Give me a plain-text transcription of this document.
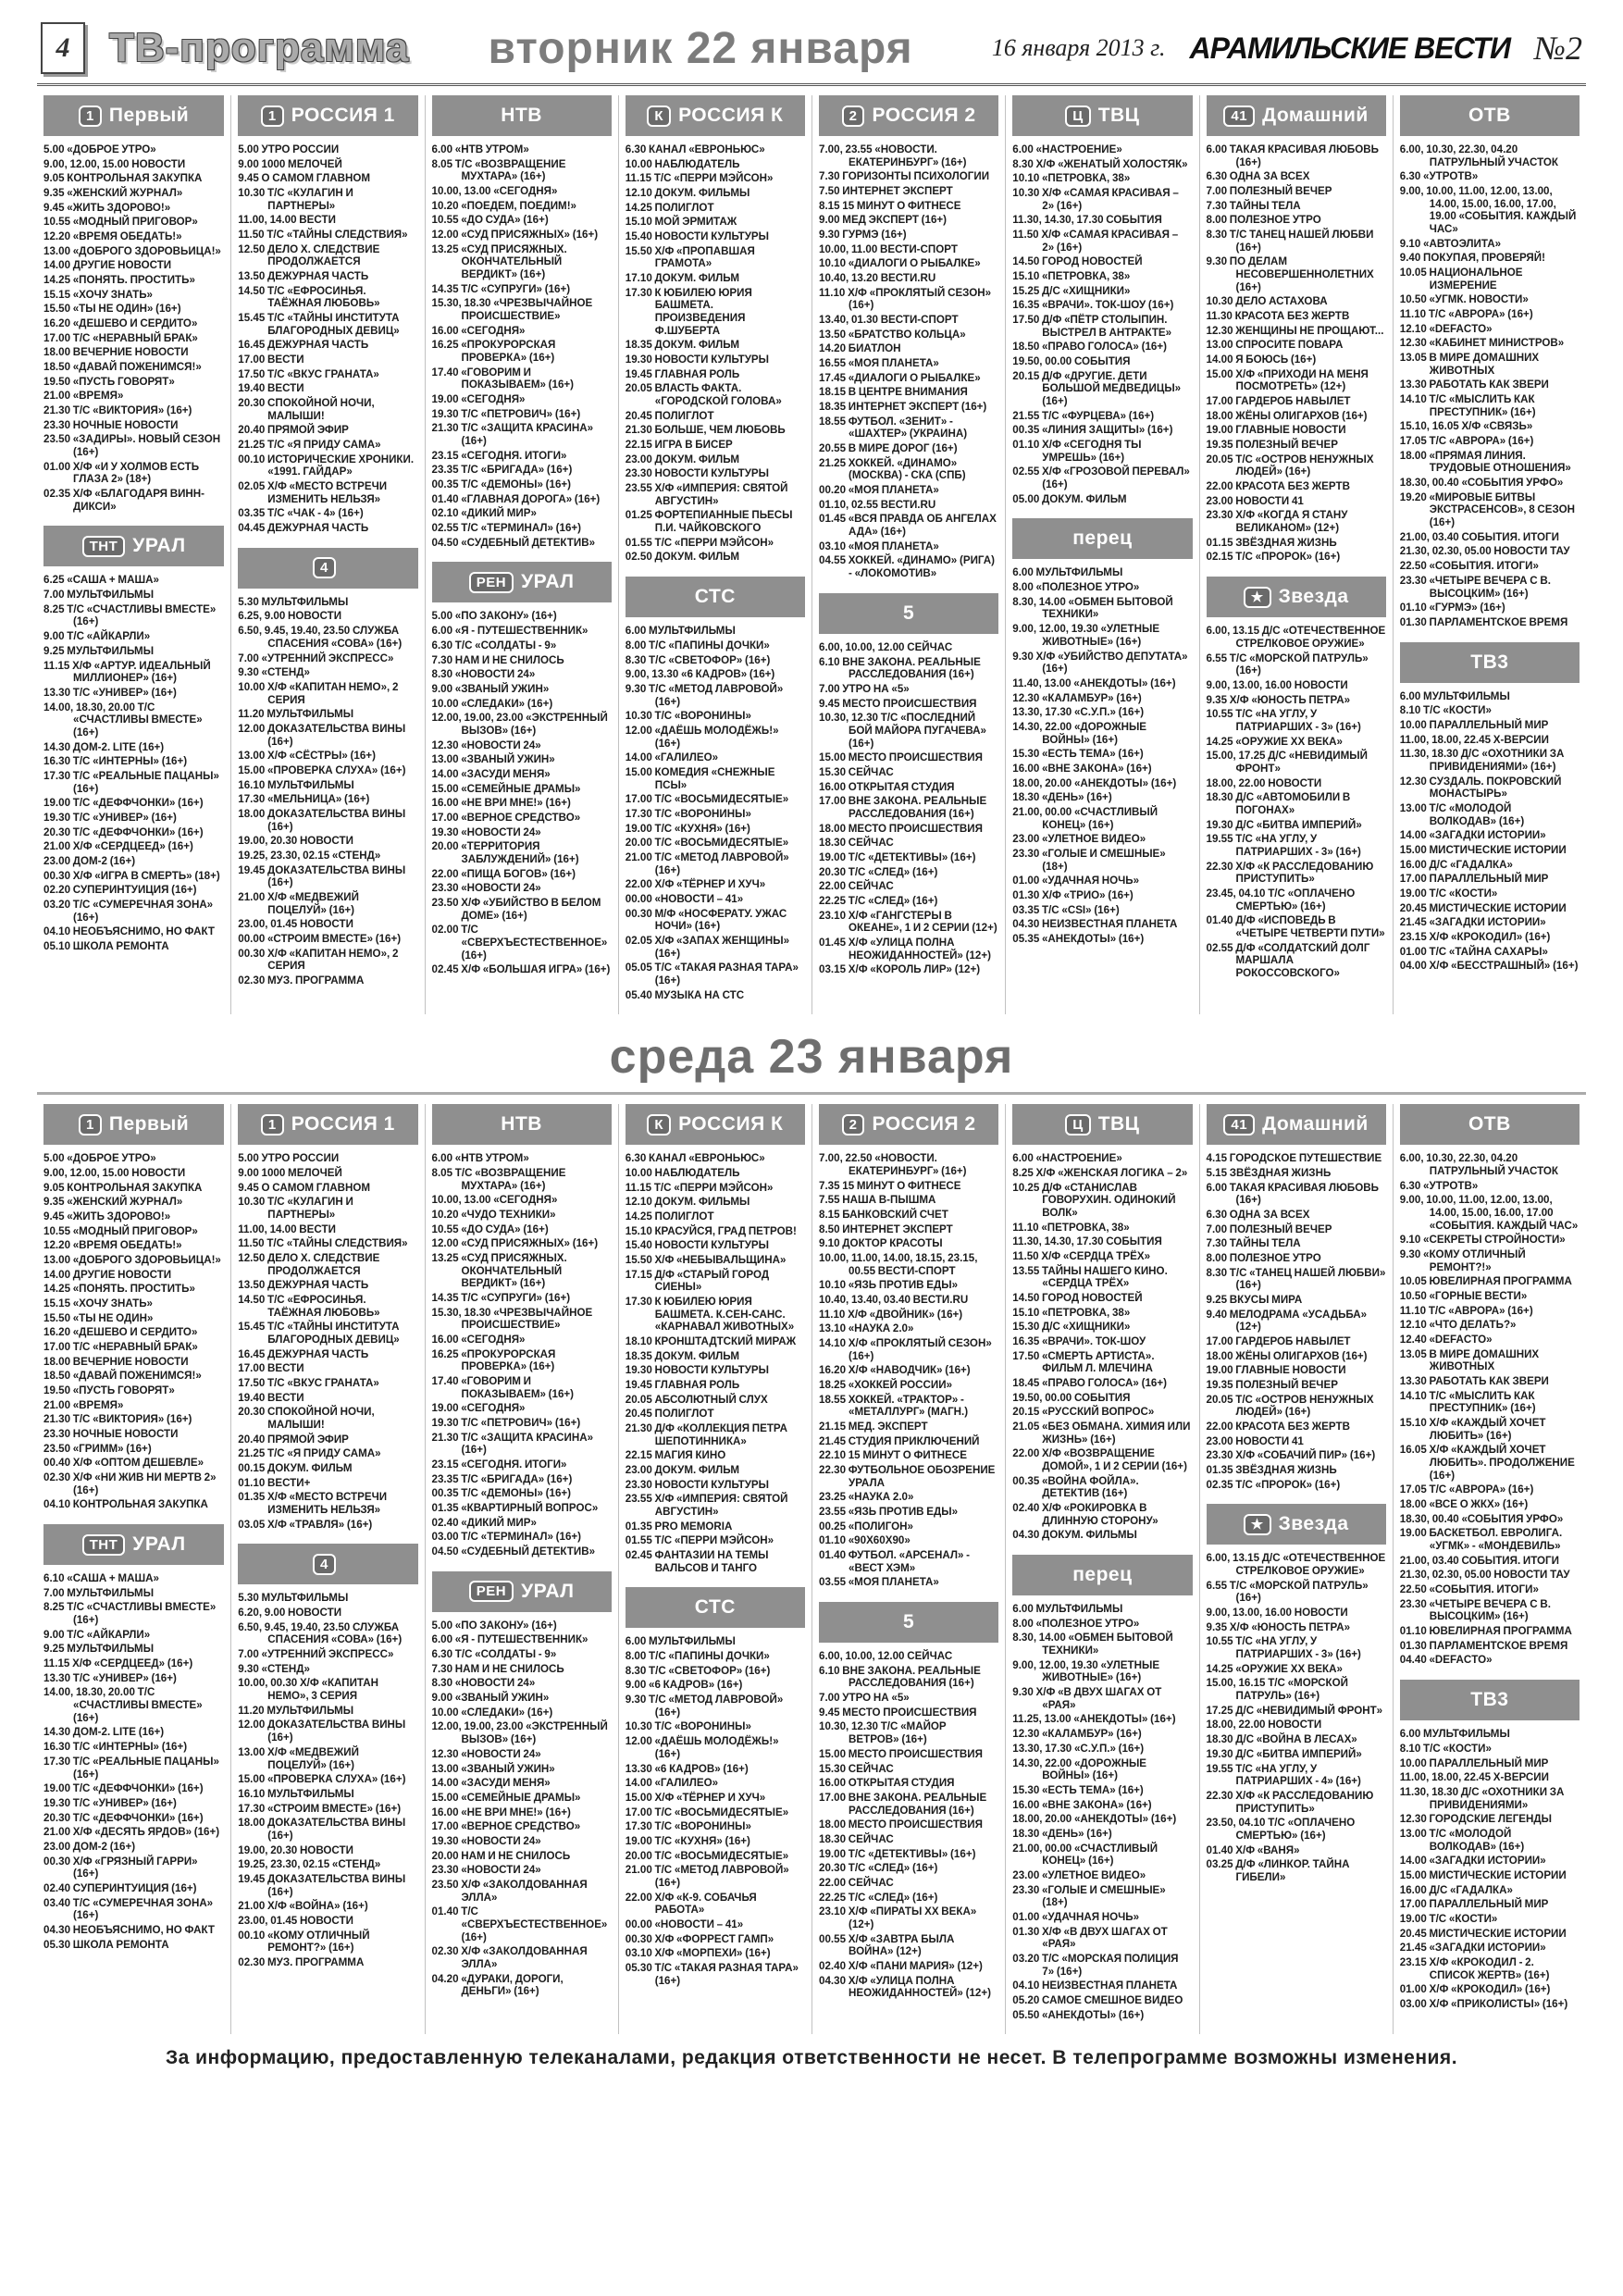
4 ТВ-программа	вторник 22 января	16 января 2013 г. АРАМИЛЬСКИЕ ВЕСТИ №2
1 Первый

5.00 «ДОБРОЕ УТРО»

9.00, 12.00, 15.00 НОВОСТИ

9.05 КОНТРОЛЬНАЯ ЗАКУПКА

9.35 «ЖЕНСКИЙ ЖУРНАЛ»

9.45 «ЖИТЬ ЗДОРОВО!»

10.55 «МОДНЫЙ ПРИГОВОР»

12.20 «ВРЕМЯ ОБЕДАТЬ!»

13.00 «ДОБРОГО ЗДОРОВЬИЦА!»

14.00 ДРУГИЕ НОВОСТИ

14.25 «ПОНЯТЬ. ПРОСТИТЬ»

15.15 «ХОЧУ ЗНАТЬ»

15.50 «ТЫ НЕ ОДИН» (16+)

16.20 «ДЕШЕВО И СЕРДИТО»

17.00 Т/С «НЕРАВНЫЙ БРАК»

18.00 ВЕЧЕРНИЕ НОВОСТИ

18.50 «ДАВАЙ ПОЖЕНИМСЯ!»

19.50 «ПУСТЬ ГОВОРЯТ»

21.00 «ВРЕМЯ»

21.30 Т/С «ВИКТОРИЯ» (16+)

23.30 НОЧНЫЕ НОВОСТИ

23.50 «ЗАДИРЫ». НОВЫЙ СЕЗОН (16+)

01.00 Х/Ф «И У ХОЛМОВ ЕСТЬ ГЛАЗА 2» (18+)

02.35 Х/Ф «БЛАГОДАРЯ ВИНН-ДИКСИ»

ТНТ УРАЛ

6.25 «САША + МАША»

7.00 МУЛЬТФИЛЬМЫ

8.25 Т/С «СЧАСТЛИВЫ ВМЕСТЕ» (16+)

9.00 Т/С «АЙКАРЛИ»

9.25 МУЛЬТФИЛЬМЫ

11.15 Х/Ф «АРТУР. ИДЕАЛЬНЫЙ МИЛЛИОНЕР» (16+)

13.30 Т/С «УНИВЕР» (16+)

14.00, 18.30, 20.00 Т/С «СЧАСТЛИВЫ ВМЕСТЕ» (16+)

14.30 ДОМ-2. LITE (16+)

16.30 Т/С «ИНТЕРНЫ» (16+)

17.30 Т/С «РЕАЛЬНЫЕ ПАЦАНЫ» (16+)

19.00 Т/С «ДЕФФЧОНКИ» (16+)

19.30 Т/С «УНИВЕР» (16+)

20.30 Т/С «ДЕФФЧОНКИ» (16+)

21.00 Х/Ф «СЕРДЦЕЕД» (16+)

23.00 ДОМ-2 (16+)

00.30 Х/Ф «ИГРА В СМЕРТЬ» (18+)

02.20 СУПЕРИНТУИЦИЯ (16+)

03.20 Т/С «СУМЕРЕЧНАЯ ЗОНА» (16+)

04.10 НЕОБЪЯСНИМО, НО ФАКТ

05.10 ШКОЛА РЕМОНТА

1 РОССИЯ 1

5.00 УТРО РОССИИ

9.00 1000 МЕЛОЧЕЙ

9.45 О САМОМ ГЛАВНОМ

10.30 Т/С «КУЛАГИН И ПАРТНЕРЫ»

11.00, 14.00 ВЕСТИ

11.50 Т/С «ТАЙНЫ СЛЕДСТВИЯ»

12.50 ДЕЛО Х. СЛЕДСТВИЕ ПРОДОЛЖАЕТСЯ

13.50 ДЕЖУРНАЯ ЧАСТЬ

14.50 Т/С «ЕФРОСИНЬЯ. ТАЁЖНАЯ ЛЮБОВЬ»

15.45 Т/С «ТАЙНЫ ИНСТИТУТА БЛАГОРОДНЫХ ДЕВИЦ»

16.45 ДЕЖУРНАЯ ЧАСТЬ

17.00 ВЕСТИ

17.50 Т/С «ВКУС ГРАНАТА»

19.40 ВЕСТИ

20.30 СПОКОЙНОЙ НОЧИ, МАЛЫШИ!

20.40 ПРЯМОЙ ЭФИР

21.25 Т/С «Я ПРИДУ САМА»

00.10 ИСТОРИЧЕСКИЕ ХРОНИКИ. «1991. ГАЙДАР»

02.05 Х/Ф «МЕСТО ВСТРЕЧИ ИЗМЕНИТЬ НЕЛЬЗЯ»

03.35 Т/С «ЧАК - 4» (16+)

04.45 ДЕЖУРНАЯ ЧАСТЬ

4

5.30 МУЛЬТФИЛЬМЫ

6.25, 9.00 НОВОСТИ

6.50, 9.45, 19.40, 23.50 СЛУЖБА СПАСЕНИЯ «СОВА» (16+)

7.00 «УТРЕННИЙ ЭКСПРЕСС»

9.30 «СТЕНД»

10.00 Х/Ф «КАПИТАН НЕМО», 2 СЕРИЯ

11.20 МУЛЬТФИЛЬМЫ

12.00 ДОКАЗАТЕЛЬСТВА ВИНЫ (16+)

13.00 Х/Ф «СЁСТРЫ» (16+)

15.00 «ПРОВЕРКА СЛУХА» (16+)

16.10 МУЛЬТФИЛЬМЫ

17.30 «МЕЛЬНИЦА» (16+)

18.00 ДОКАЗАТЕЛЬСТВА ВИНЫ (16+)

19.00, 20.30 НОВОСТИ

19.25, 23.30, 02.15 «СТЕНД»

19.45 ДОКАЗАТЕЛЬСТВА ВИНЫ (16+)

21.00 Х/Ф «МЕДВЕЖИЙ ПОЦЕЛУЙ» (16+)

23.00, 01.45 НОВОСТИ

00.00 «СТРОИМ ВМЕСТЕ» (16+)

00.30 Х/Ф «КАПИТАН НЕМО», 2 СЕРИЯ

02.30 МУЗ. ПРОГРАММА

НТВ

6.00 «НТВ УТРОМ»

8.05 Т/С «ВОЗВРАЩЕНИЕ МУХТАРА» (16+)

10.00, 13.00 «СЕГОДНЯ»

10.20 «ПОЕДЕМ, ПОЕДИМ!»

10.55 «ДО СУДА» (16+)

12.00 «СУД ПРИСЯЖНЫХ» (16+)

13.25 «СУД ПРИСЯЖНЫХ. ОКОНЧАТЕЛЬНЫЙ ВЕРДИКТ» (16+)

14.35 Т/С «СУПРУГИ» (16+)

15.30, 18.30 «ЧРЕЗВЫЧАЙНОЕ ПРОИСШЕСТВИЕ»

16.00 «СЕГОДНЯ»

16.25 «ПРОКУРОРСКАЯ ПРОВЕРКА» (16+)

17.40 «ГОВОРИМ И ПОКАЗЫВАЕМ» (16+)

19.00 «СЕГОДНЯ»

19.30 Т/С «ПЕТРОВИЧ» (16+)

21.30 Т/С «ЗАЩИТА КРАСИНА» (16+)

23.15 «СЕГОДНЯ. ИТОГИ»

23.35 Т/С «БРИГАДА» (16+)

00.35 Т/С «ДЕМОНЫ» (16+)

01.40 «ГЛАВНАЯ ДОРОГА» (16+)

02.10 «ДИКИЙ МИР»

02.55 Т/С «ТЕРМИНАЛ» (16+)

04.50 «СУДЕБНЫЙ ДЕТЕКТИВ»

РЕН УРАЛ

5.00 «ПО ЗАКОНУ» (16+)

6.00 «Я - ПУТЕШЕСТВЕННИК»

6.30 Т/С «СОЛДАТЫ - 9»

7.30 НАМ И НЕ СНИЛОСЬ

8.30 «НОВОСТИ 24»

9.00 «ЗВАНЫЙ УЖИН»

10.00 «СЛЕДАКИ» (16+)

12.00, 19.00, 23.00 «ЭКСТРЕННЫЙ ВЫЗОВ» (16+)

12.30 «НОВОСТИ 24»

13.00 «ЗВАНЫЙ УЖИН»

14.00 «ЗАСУДИ МЕНЯ»

15.00 «СЕМЕЙНЫЕ ДРАМЫ»

16.00 «НЕ ВРИ МНЕ!» (16+)

17.00 «ВЕРНОЕ СРЕДСТВО»

19.30 «НОВОСТИ 24»

20.00 «ТЕРРИТОРИЯ ЗАБЛУЖДЕНИЙ» (16+)

22.00 «ПИЩА БОГОВ» (16+)

23.30 «НОВОСТИ 24»

23.50 Х/Ф «УБИЙСТВО В БЕЛОМ ДОМЕ» (16+)

02.00 Т/С «СВЕРХЪЕСТЕСТВЕННОЕ» (16+)

02.45 Х/Ф «БОЛЬШАЯ ИГРА» (16+)

К РОССИЯ К

6.30 КАНАЛ «ЕВРОНЬЮС»

10.00 НАБЛЮДАТЕЛЬ

11.15 Т/С «ПЕРРИ МЭЙСОН»

12.10 ДОКУМ. ФИЛЬМЫ

14.25 ПОЛИГЛОТ

15.10 МОЙ ЭРМИТАЖ

15.40 НОВОСТИ КУЛЬТУРЫ

15.50 Х/Ф «ПРОПАВШАЯ ГРАМОТА»

17.10 ДОКУМ. ФИЛЬМ

17.30 К ЮБИЛЕЮ ЮРИЯ БАШМЕТА. ПРОИЗВЕДЕНИЯ Ф.ШУБЕРТА

18.35 ДОКУМ. ФИЛЬМ

19.30 НОВОСТИ КУЛЬТУРЫ

19.45 ГЛАВНАЯ РОЛЬ

20.05 ВЛАСТЬ ФАКТА. «ГОРОДСКОЙ ГОЛОВА»

20.45 ПОЛИГЛОТ

21.30 БОЛЬШЕ, ЧЕМ ЛЮБОВЬ

22.15 ИГРА В БИСЕР

23.00 ДОКУМ. ФИЛЬМ

23.30 НОВОСТИ КУЛЬТУРЫ

23.55 Х/Ф «ИМПЕРИЯ: СВЯТОЙ АВГУСТИН»

01.25 ФОРТЕПИАННЫЕ ПЬЕСЫ П.И. ЧАЙКОВСКОГО

01.55 Т/С «ПЕРРИ МЭЙСОН»

02.50 ДОКУМ. ФИЛЬМ

СТС

6.00 МУЛЬТФИЛЬМЫ

8.00 Т/С «ПАПИНЫ ДОЧКИ»

8.30 Т/С «СВЕТОФОР» (16+)

9.00, 13.30 «6 КАДРОВ» (16+)

9.30 Т/С «МЕТОД ЛАВРОВОЙ» (16+)

10.30 Т/С «ВОРОНИНЫ»

12.00 «ДАЁШЬ МОЛОДЁЖЬ!» (16+)

14.00 «ГАЛИЛЕО»

15.00 КОМЕДИЯ «СНЕЖНЫЕ ПСЫ»

17.00 Т/С «ВОСЬМИДЕСЯТЫЕ»

17.30 Т/С «ВОРОНИНЫ»

19.00 Т/С «КУХНЯ» (16+)

20.00 Т/С «ВОСЬМИДЕСЯТЫЕ»

21.00 Т/С «МЕТОД ЛАВРОВОЙ» (16+)

22.00 Х/Ф «ТЁРНЕР И ХУЧ»

00.00 «НОВОСТИ – 41»

00.30 М/Ф «НОСФЕРАТУ. УЖАС НОЧИ» (16+)

02.05 Х/Ф «ЗАПАХ ЖЕНЩИНЫ» (16+)

05.05 Т/С «ТАКАЯ РАЗНАЯ ТАРА» (16+)

05.40 МУЗЫКА НА СТС

2 РОССИЯ 2

7.00, 23.55 «НОВОСТИ. ЕКАТЕРИНБУРГ» (16+)

7.30 ГОРИЗОНТЫ ПСИХОЛОГИИ

7.50 ИНТЕРНЕТ ЭКСПЕРТ

8.15 15 МИНУТ О ФИТНЕСЕ

9.00 МЕД ЭКСПЕРТ (16+)

9.30 ГУРМЭ (16+)

10.00, 11.00 ВЕСТИ-СПОРТ

10.10 «ДИАЛОГИ О РЫБАЛКЕ»

10.40, 13.20 ВЕСТИ.RU

11.10 Х/Ф «ПРОКЛЯТЫЙ СЕЗОН» (16+)

13.40, 01.30 ВЕСТИ-СПОРТ

13.50 «БРАТСТВО КОЛЬЦА»

14.20 БИАТЛОН

16.55 «МОЯ ПЛАНЕТА»

17.45 «ДИАЛОГИ О РЫБАЛКЕ»

18.15 В ЦЕНТРЕ ВНИМАНИЯ

18.35 ИНТЕРНЕТ ЭКСПЕРТ (16+)

18.55 ФУТБОЛ. «ЗЕНИТ» - «ШАХТЕР» (УКРАИНА)

20.55 В МИРЕ ДОРОГ (16+)

21.25 ХОККЕЙ. «ДИНАМО» (МОСКВА) - СКА (СПБ)

00.20 «МОЯ ПЛАНЕТА»

01.10, 02.55 ВЕСТИ.RU

01.45 «ВСЯ ПРАВДА ОБ АНГЕЛАХ АДА» (16+)

03.10 «МОЯ ПЛАНЕТА»

04.55 ХОККЕЙ. «ДИНАМО» (РИГА) - «ЛОКОМОТИВ»

5

6.00, 10.00, 12.00 СЕЙЧАС

6.10 ВНЕ ЗАКОНА. РЕАЛЬНЫЕ РАССЛЕДОВАНИЯ (16+)

7.00 УТРО НА «5»

9.45 МЕСТО ПРОИСШЕСТВИЯ

10.30, 12.30 Т/С «ПОСЛЕДНИЙ БОЙ МАЙОРА ПУГАЧЕВА» (16+)

15.00 МЕСТО ПРОИСШЕСТВИЯ

15.30 СЕЙЧАС

16.00 ОТКРЫТАЯ СТУДИЯ

17.00 ВНЕ ЗАКОНА. РЕАЛЬНЫЕ РАССЛЕДОВАНИЯ (16+)

18.00 МЕСТО ПРОИСШЕСТВИЯ

18.30 СЕЙЧАС

19.00 Т/С «ДЕТЕКТИВЫ» (16+)

20.30 Т/С «СЛЕД» (16+)

22.00 СЕЙЧАС

22.25 Т/С «СЛЕД» (16+)

23.10 Х/Ф «ГАНГСТЕРЫ В ОКЕАНЕ», 1 И 2 СЕРИИ (12+)

01.45 Х/Ф «УЛИЦА ПОЛНА НЕОЖИДАННОСТЕЙ» (12+)

03.15 Х/Ф «КОРОЛЬ ЛИР» (12+)

Ц ТВЦ

6.00 «НАСТРОЕНИЕ»

8.30 Х/Ф «ЖЕНАТЫЙ ХОЛОСТЯК»

10.10 «ПЕТРОВКА, 38»

10.30 Х/Ф «САМАЯ КРАСИВАЯ – 2» (16+)

11.30, 14.30, 17.30 СОБЫТИЯ

11.50 Х/Ф «САМАЯ КРАСИВАЯ – 2» (16+)

14.50 ГОРОД НОВОСТЕЙ

15.10 «ПЕТРОВКА, 38»

15.25 Д/С «ХИЩНИКИ»

16.35 «ВРАЧИ». ТОК-ШОУ (16+)

17.50 Д/Ф «ПЁТР СТОЛЫПИН. ВЫСТРЕЛ В АНТРАКТЕ»

18.50 «ПРАВО ГОЛОСА» (16+)

19.50, 00.00 СОБЫТИЯ

20.15 Д/Ф «ДРУГИЕ. ДЕТИ БОЛЬШОЙ МЕДВЕДИЦЫ» (16+)

21.55 Т/С «ФУРЦЕВА» (16+)

00.35 «ЛИНИЯ ЗАЩИТЫ» (16+)

01.10 Х/Ф «СЕГОДНЯ ТЫ УМРЕШЬ» (16+)

02.55 Х/Ф «ГРОЗОВОЙ ПЕРЕВАЛ» (16+)

05.00 ДОКУМ. ФИЛЬМ

перец

6.00 МУЛЬТФИЛЬМЫ

8.00 «ПОЛЕЗНОЕ УТРО»

8.30, 14.00 «ОБМЕН БЫТОВОЙ ТЕХНИКИ»

9.00, 12.00, 19.30 «УЛЕТНЫЕ ЖИВОТНЫЕ» (16+)

9.30 Х/Ф «УБИЙСТВО ДЕПУТАТА» (16+)

11.40, 13.00 «АНЕКДОТЫ» (16+)

12.30 «КАЛАМБУР» (16+)

13.30, 17.30 «С.У.П.» (16+)

14.30, 22.00 «ДОРОЖНЫЕ ВОЙНЫ» (16+)

15.30 «ЕСТЬ ТЕМА» (16+)

16.00 «ВНЕ ЗАКОНА» (16+)

18.00, 20.00 «АНЕКДОТЫ» (16+)

18.30 «ДЕНЬ» (16+)

21.00, 00.00 «СЧАСТЛИВЫЙ КОНЕЦ» (16+)

23.00 «УЛЕТНОЕ ВИДЕО»

23.30 «ГОЛЫЕ И СМЕШНЫЕ» (18+)

01.00 «УДАЧНАЯ НОЧЬ»

01.30 Х/Ф «ТРИО» (16+)

03.35 Т/С «CSI» (16+)

04.30 НЕИЗВЕСТНАЯ ПЛАНЕТА

05.35 «АНЕКДОТЫ» (16+)

41 Домашний

6.00 ТАКАЯ КРАСИВАЯ ЛЮБОВЬ (16+)

6.30 ОДНА ЗА ВСЕХ

7.00 ПОЛЕЗНЫЙ ВЕЧЕР

7.30 ТАЙНЫ ТЕЛА

8.00 ПОЛЕЗНОЕ УТРО

8.30 Т/С ТАНЕЦ НАШЕЙ ЛЮБВИ (16+)

9.30 ПО ДЕЛАМ НЕСОВЕРШЕННОЛЕТНИХ (16+)

10.30 ДЕЛО АСТАХОВА

11.30 КРАСОТА БЕЗ ЖЕРТВ

12.30 ЖЕНЩИНЫ НЕ ПРОЩАЮТ...

13.00 СПРОСИТЕ ПОВАРА

14.00 Я БОЮСЬ (16+)

15.00 Х/Ф «ПРИХОДИ НА МЕНЯ ПОСМОТРЕТЬ» (12+)

17.00 ГАРДЕРОБ НАВЫЛЕТ

18.00 ЖЁНЫ ОЛИГАРХОВ (16+)

19.00 ГЛАВНЫЕ НОВОСТИ

19.35 ПОЛЕЗНЫЙ ВЕЧЕР

20.05 Т/С «ОСТРОВ НЕНУЖНЫХ ЛЮДЕЙ» (16+)

22.00 КРАСОТА БЕЗ ЖЕРТВ

23.00 НОВОСТИ 41

23.30 Х/Ф «КОГДА Я СТАНУ ВЕЛИКАНОМ» (12+)

01.15 ЗВЁЗДНАЯ ЖИЗНЬ

02.15 Т/С «ПРОРОК» (16+)

★ Звезда

6.00, 13.15 Д/С «ОТЕЧЕСТВЕННОЕ СТРЕЛКОВОЕ ОРУЖИЕ»

6.55 Т/С «МОРСКОЙ ПАТРУЛЬ» (16+)

9.00, 13.00, 16.00 НОВОСТИ

9.35 Х/Ф «ЮНОСТЬ ПЕТРА»

10.55 Т/С «НА УГЛУ, У ПАТРИАРШИХ - 3» (16+)

14.25 «ОРУЖИЕ XX ВЕКА»

15.00, 17.25 Д/С «НЕВИДИМЫЙ ФРОНТ»

18.00, 22.00 НОВОСТИ

18.30 Д/С «АВТОМОБИЛИ В ПОГОНАХ»

19.30 Д/С «БИТВА ИМПЕРИЙ»

19.55 Т/С «НА УГЛУ, У ПАТРИАРШИХ - 3» (16+)

22.30 Х/Ф «К РАССЛЕДОВАНИЮ ПРИСТУПИТЬ»

23.45, 04.10 Т/С «ОПЛАЧЕНО СМЕРТЬЮ» (16+)

01.40 Д/Ф «ИСПОВЕДЬ В «ЧЕТЫРЕ ЧЕТВЕРТИ ПУТИ»

02.55 Д/Ф «СОЛДАТСКИЙ ДОЛГ МАРШАЛА РОКОССОВСКОГО»

ОТВ

6.00, 10.30, 22.30, 04.20 ПАТРУЛЬНЫЙ УЧАСТОК

6.30 «УТРОТВ»

9.00, 10.00, 11.00, 12.00, 13.00, 14.00, 15.00, 16.00, 17.00, 19.00 «СОБЫТИЯ. КАЖДЫЙ ЧАС»

9.10 «АВТОЭЛИТА»

9.40 ПОКУПАЯ, ПРОВЕРЯЙ!

10.05 НАЦИОНАЛЬНОЕ ИЗМЕРЕНИЕ

10.50 «УГМК. НОВОСТИ»

11.10 Т/С «АВРОРА» (16+)

12.10 «DEFACTO»

12.30 «КАБИНЕТ МИНИСТРОВ»

13.05 В МИРЕ ДОМАШНИХ ЖИВОТНЫХ

13.30 РАБОТАТЬ КАК ЗВЕРИ

14.10 Т/С «МЫСЛИТЬ КАК ПРЕСТУПНИК» (16+)

15.10, 16.05 Х/Ф «СВЯЗЬ»

17.05 Т/С «АВРОРА» (16+)

18.00 «ПРЯМАЯ ЛИНИЯ. ТРУДОВЫЕ ОТНОШЕНИЯ»

18.30, 00.40 «СОБЫТИЯ УРФО»

19.20 «МИРОВЫЕ БИТВЫ ЭКСТРАСЕНСОВ», 8 СЕЗОН (16+)

21.00, 03.40 СОБЫТИЯ. ИТОГИ

21.30, 02.30, 05.00 НОВОСТИ ТАУ

22.50 «СОБЫТИЯ. ИТОГИ»

23.30 «ЧЕТЫРЕ ВЕЧЕРА С В. ВЫСОЦКИМ» (16+)

01.10 «ГУРМЭ» (16+)

01.30 ПАРЛАМЕНТСКОЕ ВРЕМЯ

ТВ3

6.00 МУЛЬТФИЛЬМЫ

8.10 Т/С «КОСТИ»

10.00 ПАРАЛЛЕЛЬНЫЙ МИР

11.00, 18.00, 22.45 Х-ВЕРСИИ

11.30, 18.30 Д/С «ОХОТНИКИ ЗА ПРИВИДЕНИЯМИ» (16+)

12.30 СУЗДАЛЬ. ПОКРОВСКИЙ МОНАСТЫРЬ»

13.00 Т/С «МОЛОДОЙ ВОЛКОДАВ» (16+)

14.00 «ЗАГАДКИ ИСТОРИИ»

15.00 МИСТИЧЕСКИЕ ИСТОРИИ

16.00 Д/С «ГАДАЛКА»

17.00 ПАРАЛЛЕЛЬНЫЙ МИР

19.00 Т/С «КОСТИ»

20.45 МИСТИЧЕСКИЕ ИСТОРИИ

21.45 «ЗАГАДКИ ИСТОРИИ»

23.15 Х/Ф «КРОКОДИЛ» (16+)

01.00 Т/С «ТАЙНА САХАРЫ»

04.00 Х/Ф «БЕССТРАШНЫЙ» (16+)

среда 23 января
1 Первый

5.00 «ДОБРОЕ УТРО»

9.00, 12.00, 15.00 НОВОСТИ

9.05 КОНТРОЛЬНАЯ ЗАКУПКА

9.35 «ЖЕНСКИЙ ЖУРНАЛ»

9.45 «ЖИТЬ ЗДОРОВО!»

10.55 «МОДНЫЙ ПРИГОВОР»

12.20 «ВРЕМЯ ОБЕДАТЬ!»

13.00 «ДОБРОГО ЗДОРОВЬИЦА!»

14.00 ДРУГИЕ НОВОСТИ

14.25 «ПОНЯТЬ. ПРОСТИТЬ»

15.15 «ХОЧУ ЗНАТЬ»

15.50 «ТЫ НЕ ОДИН»

16.20 «ДЕШЕВО И СЕРДИТО»

17.00 Т/С «НЕРАВНЫЙ БРАК»

18.00 ВЕЧЕРНИЕ НОВОСТИ

18.50 «ДАВАЙ ПОЖЕНИМСЯ!»

19.50 «ПУСТЬ ГОВОРЯТ»

21.00 «ВРЕМЯ»

21.30 Т/С «ВИКТОРИЯ» (16+)

23.30 НОЧНЫЕ НОВОСТИ

23.50 «ГРИММ» (16+)

00.40 Х/Ф «ОПТОМ ДЕШЕВЛЕ»

02.30 Х/Ф «НИ ЖИВ НИ МЕРТВ 2» (16+)

04.10 КОНТРОЛЬНАЯ ЗАКУПКА

ТНТ УРАЛ

6.10 «САША + МАША»

7.00 МУЛЬТФИЛЬМЫ

8.25 Т/С «СЧАСТЛИВЫ ВМЕСТЕ» (16+)

9.00 Т/С «АЙКАРЛИ»

9.25 МУЛЬТФИЛЬМЫ

11.15 Х/Ф «СЕРДЦЕЕД» (16+)

13.30 Т/С «УНИВЕР» (16+)

14.00, 18.30, 20.00 Т/С «СЧАСТЛИВЫ ВМЕСТЕ» (16+)

14.30 ДОМ-2. LITE (16+)

16.30 Т/С «ИНТЕРНЫ» (16+)

17.30 Т/С «РЕАЛЬНЫЕ ПАЦАНЫ» (16+)

19.00 Т/С «ДЕФФЧОНКИ» (16+)

19.30 Т/С «УНИВЕР» (16+)

20.30 Т/С «ДЕФФЧОНКИ» (16+)

21.00 Х/Ф «ДЕСЯТЬ ЯРДОВ» (16+)

23.00 ДОМ-2 (16+)

00.30 Х/Ф «ГРЯЗНЫЙ ГАРРИ» (16+)

02.40 СУПЕРИНТУИЦИЯ (16+)

03.40 Т/С «СУМЕРЕЧНАЯ ЗОНА» (16+)

04.30 НЕОБЪЯСНИМО, НО ФАКТ

05.30 ШКОЛА РЕМОНТА

1 РОССИЯ 1

5.00 УТРО РОССИИ

9.00 1000 МЕЛОЧЕЙ

9.45 О САМОМ ГЛАВНОМ

10.30 Т/С «КУЛАГИН И ПАРТНЕРЫ»

11.00, 14.00 ВЕСТИ

11.50 Т/С «ТАЙНЫ СЛЕДСТВИЯ»

12.50 ДЕЛО Х. СЛЕДСТВИЕ ПРОДОЛЖАЕТСЯ

13.50 ДЕЖУРНАЯ ЧАСТЬ

14.50 Т/С «ЕФРОСИНЬЯ. ТАЁЖНАЯ ЛЮБОВЬ»

15.45 Т/С «ТАЙНЫ ИНСТИТУТА БЛАГОРОДНЫХ ДЕВИЦ»

16.45 ДЕЖУРНАЯ ЧАСТЬ

17.00 ВЕСТИ

17.50 Т/С «ВКУС ГРАНАТА»

19.40 ВЕСТИ

20.30 СПОКОЙНОЙ НОЧИ, МАЛЫШИ!

20.40 ПРЯМОЙ ЭФИР

21.25 Т/С «Я ПРИДУ САМА»

00.15 ДОКУМ. ФИЛЬМ

01.10 ВЕСТИ+

01.35 Х/Ф «МЕСТО ВСТРЕЧИ ИЗМЕНИТЬ НЕЛЬЗЯ»

03.05 Х/Ф «ТРАВЛЯ» (16+)

4

5.30 МУЛЬТФИЛЬМЫ

6.20, 9.00 НОВОСТИ

6.50, 9.45, 19.40, 23.50 СЛУЖБА СПАСЕНИЯ «СОВА» (16+)

7.00 «УТРЕННИЙ ЭКСПРЕСС»

9.30 «СТЕНД»

10.00, 00.30 Х/Ф «КАПИТАН НЕМО», 3 СЕРИЯ

11.20 МУЛЬТФИЛЬМЫ

12.00 ДОКАЗАТЕЛЬСТВА ВИНЫ (16+)

13.00 Х/Ф «МЕДВЕЖИЙ ПОЦЕЛУЙ» (16+)

15.00 «ПРОВЕРКА СЛУХА» (16+)

16.10 МУЛЬТФИЛЬМЫ

17.30 «СТРОИМ ВМЕСТЕ» (16+)

18.00 ДОКАЗАТЕЛЬСТВА ВИНЫ (16+)

19.00, 20.30 НОВОСТИ

19.25, 23.30, 02.15 «СТЕНД»

19.45 ДОКАЗАТЕЛЬСТВА ВИНЫ (16+)

21.00 Х/Ф «ВОЙНА» (16+)

23.00, 01.45 НОВОСТИ

00.10 «КОМУ ОТЛИЧНЫЙ РЕМОНТ?» (16+)

02.30 МУЗ. ПРОГРАММА

НТВ

6.00 «НТВ УТРОМ»

8.05 Т/С «ВОЗВРАЩЕНИЕ МУХТАРА» (16+)

10.00, 13.00 «СЕГОДНЯ»

10.20 «ЧУДО ТЕХНИКИ»

10.55 «ДО СУДА» (16+)

12.00 «СУД ПРИСЯЖНЫХ» (16+)

13.25 «СУД ПРИСЯЖНЫХ. ОКОНЧАТЕЛЬНЫЙ ВЕРДИКТ» (16+)

14.35 Т/С «СУПРУГИ» (16+)

15.30, 18.30 «ЧРЕЗВЫЧАЙНОЕ ПРОИСШЕСТВИЕ»

16.00 «СЕГОДНЯ»

16.25 «ПРОКУРОРСКАЯ ПРОВЕРКА» (16+)

17.40 «ГОВОРИМ И ПОКАЗЫВАЕМ» (16+)

19.00 «СЕГОДНЯ»

19.30 Т/С «ПЕТРОВИЧ» (16+)

21.30 Т/С «ЗАЩИТА КРАСИНА» (16+)

23.15 «СЕГОДНЯ. ИТОГИ»

23.35 Т/С «БРИГАДА» (16+)

00.35 Т/С «ДЕМОНЫ» (16+)

01.35 «КВАРТИРНЫЙ ВОПРОС»

02.40 «ДИКИЙ МИР»

03.00 Т/С «ТЕРМИНАЛ» (16+)

04.50 «СУДЕБНЫЙ ДЕТЕКТИВ»

РЕН УРАЛ

5.00 «ПО ЗАКОНУ» (16+)

6.00 «Я - ПУТЕШЕСТВЕННИК»

6.30 Т/С «СОЛДАТЫ - 9»

7.30 НАМ И НЕ СНИЛОСЬ

8.30 «НОВОСТИ 24»

9.00 «ЗВАНЫЙ УЖИН»

10.00 «СЛЕДАКИ» (16+)

12.00, 19.00, 23.00 «ЭКСТРЕННЫЙ ВЫЗОВ» (16+)

12.30 «НОВОСТИ 24»

13.00 «ЗВАНЫЙ УЖИН»

14.00 «ЗАСУДИ МЕНЯ»

15.00 «СЕМЕЙНЫЕ ДРАМЫ»

16.00 «НЕ ВРИ МНЕ!» (16+)

17.00 «ВЕРНОЕ СРЕДСТВО»

19.30 «НОВОСТИ 24»

20.00 НАМ И НЕ СНИЛОСЬ

23.30 «НОВОСТИ 24»

23.50 Х/Ф «ЗАКОЛДОВАННАЯ ЭЛЛА»

01.40 Т/С «СВЕРХЪЕСТЕСТВЕННОЕ» (16+)

02.30 Х/Ф «ЗАКОЛДОВАННАЯ ЭЛЛА»

04.20 «ДУРАКИ, ДОРОГИ, ДЕНЬГИ» (16+)

К РОССИЯ К

6.30 КАНАЛ «ЕВРОНЬЮС»

10.00 НАБЛЮДАТЕЛЬ

11.15 Т/С «ПЕРРИ МЭЙСОН»

12.10 ДОКУМ. ФИЛЬМЫ

14.25 ПОЛИГЛОТ

15.10 КРАСУЙСЯ, ГРАД ПЕТРОВ!

15.40 НОВОСТИ КУЛЬТУРЫ

15.50 Х/Ф «НЕБЫВАЛЬЩИНА»

17.15 Д/Ф «СТАРЫЙ ГОРОД СИЕНЫ»

17.30 К ЮБИЛЕЮ ЮРИЯ БАШМЕТА. К.СЕН-САНС. «КАРНАВАЛ ЖИВОТНЫХ»

18.10 КРОНШТАДТСКИЙ МИРАЖ

18.35 ДОКУМ. ФИЛЬМ

19.30 НОВОСТИ КУЛЬТУРЫ

19.45 ГЛАВНАЯ РОЛЬ

20.05 АБСОЛЮТНЫЙ СЛУХ

20.45 ПОЛИГЛОТ

21.30 Д/Ф «КОЛЛЕКЦИЯ ПЕТРА ШЕПОТИННИКА»

22.15 МАГИЯ КИНО

23.00 ДОКУМ. ФИЛЬМ

23.30 НОВОСТИ КУЛЬТУРЫ

23.55 Х/Ф «ИМПЕРИЯ: СВЯТОЙ АВГУСТИН»

01.35 PRO MEMORIA

01.55 Т/С «ПЕРРИ МЭЙСОН»

02.45 ФАНТАЗИИ НА ТЕМЫ ВАЛЬСОВ И ТАНГО

СТС

6.00 МУЛЬТФИЛЬМЫ

8.00 Т/С «ПАПИНЫ ДОЧКИ»

8.30 Т/С «СВЕТОФОР» (16+)

9.00 «6 КАДРОВ» (16+)

9.30 Т/С «МЕТОД ЛАВРОВОЙ» (16+)

10.30 Т/С «ВОРОНИНЫ»

12.00 «ДАЁШЬ МОЛОДЁЖЬ!» (16+)

13.30 «6 КАДРОВ» (16+)

14.00 «ГАЛИЛЕО»

15.00 Х/Ф «ТЁРНЕР И ХУЧ»

17.00 Т/С «ВОСЬМИДЕСЯТЫЕ»

17.30 Т/С «ВОРОНИНЫ»

19.00 Т/С «КУХНЯ» (16+)

20.00 Т/С «ВОСЬМИДЕСЯТЫЕ»

21.00 Т/С «МЕТОД ЛАВРОВОЙ» (16+)

22.00 Х/Ф «К-9. СОБАЧЬЯ РАБОТА»

00.00 «НОВОСТИ – 41»

00.30 Х/Ф «ФОРРЕСТ ГАМП»

03.10 Х/Ф «МОРПЕХИ» (16+)

05.30 Т/С «ТАКАЯ РАЗНАЯ ТАРА» (16+)

2 РОССИЯ 2

7.00, 22.50 «НОВОСТИ. ЕКАТЕРИНБУРГ» (16+)

7.35 15 МИНУТ О ФИТНЕСЕ

7.55 НАША В-ПЫШМА

8.15 БАНКОВСКИЙ СЧЕТ

8.50 ИНТЕРНЕТ ЭКСПЕРТ

9.10 ДОКТОР КРАСОТЫ

10.00, 11.00, 14.00, 18.15, 23.15, 00.55 ВЕСТИ-СПОРТ

10.10 «ЯЗЬ ПРОТИВ ЕДЫ»

10.40, 13.40, 03.40 ВЕСТИ.RU

11.10 Х/Ф «ДВОЙНИК» (16+)

13.10 «НАУКА 2.0»

14.10 Х/Ф «ПРОКЛЯТЫЙ СЕЗОН» (16+)

16.20 Х/Ф «НАВОДЧИК» (16+)

18.25 «ХОККЕЙ РОССИИ»

18.55 ХОККЕЙ. «ТРАКТОР» - «МЕТАЛЛУРГ» (МАГН.)

21.15 МЕД. ЭКСПЕРТ

21.45 СТУДИЯ ПРИКЛЮЧЕНИЙ

22.10 15 МИНУТ О ФИТНЕСЕ

22.30 ФУТБОЛЬНОЕ ОБОЗРЕНИЕ УРАЛА

23.25 «НАУКА 2.0»

23.55 «ЯЗЬ ПРОТИВ ЕДЫ»

00.25 «ПОЛИГОН»

01.10 «90X60X90»

01.40 ФУТБОЛ. «АРСЕНАЛ» - «ВЕСТ ХЭМ»

03.55 «МОЯ ПЛАНЕТА»

5

6.00, 10.00, 12.00 СЕЙЧАС

6.10 ВНЕ ЗАКОНА. РЕАЛЬНЫЕ РАССЛЕДОВАНИЯ (16+)

7.00 УТРО НА «5»

9.45 МЕСТО ПРОИСШЕСТВИЯ

10.30, 12.30 Т/С «МАЙОР ВЕТРОВ» (16+)

15.00 МЕСТО ПРОИСШЕСТВИЯ

15.30 СЕЙЧАС

16.00 ОТКРЫТАЯ СТУДИЯ

17.00 ВНЕ ЗАКОНА. РЕАЛЬНЫЕ РАССЛЕДОВАНИЯ (16+)

18.00 МЕСТО ПРОИСШЕСТВИЯ

18.30 СЕЙЧАС

19.00 Т/С «ДЕТЕКТИВЫ» (16+)

20.30 Т/С «СЛЕД» (16+)

22.00 СЕЙЧАС

22.25 Т/С «СЛЕД» (16+)

23.10 Х/Ф «ПИРАТЫ XX ВЕКА» (12+)

00.55 Х/Ф «ЗАВТРА БЫЛА ВОЙНА» (12+)

02.40 Х/Ф «ПАНИ МАРИЯ» (12+)

04.30 Х/Ф «УЛИЦА ПОЛНА НЕОЖИДАННОСТЕЙ» (12+)

Ц ТВЦ

6.00 «НАСТРОЕНИЕ»

8.25 Х/Ф «ЖЕНСКАЯ ЛОГИКА – 2»

10.25 Д/Ф «СТАНИСЛАВ ГОВОРУХИН. ОДИНОКИЙ ВОЛК»

11.10 «ПЕТРОВКА, 38»

11.30, 14.30, 17.30 СОБЫТИЯ

11.50 Х/Ф «СЕРДЦА ТРЁХ»

13.55 ТАЙНЫ НАШЕГО КИНО. «СЕРДЦА ТРЁХ»

14.50 ГОРОД НОВОСТЕЙ

15.10 «ПЕТРОВКА, 38»

15.30 Д/С «ХИЩНИКИ»

16.35 «ВРАЧИ». ТОК-ШОУ

17.50 «СМЕРТЬ АРТИСТА». ФИЛЬМ Л. МЛЕЧИНА

18.45 «ПРАВО ГОЛОСА» (16+)

19.50, 00.00 СОБЫТИЯ

20.15 «РУССКИЙ ВОПРОС»

21.05 «БЕЗ ОБМАНА. ХИМИЯ ИЛИ ЖИЗНЬ» (16+)

22.00 Х/Ф «ВОЗВРАЩЕНИЕ ДОМОЙ», 1 И 2 СЕРИИ (16+)

00.35 «ВОЙНА ФОЙЛА». ДЕТЕКТИВ (16+)

02.40 Х/Ф «РОКИРОВКА В ДЛИННУЮ СТОРОНУ»

04.30 ДОКУМ. ФИЛЬМЫ

перец

6.00 МУЛЬТФИЛЬМЫ

8.00 «ПОЛЕЗНОЕ УТРО»

8.30, 14.00 «ОБМЕН БЫТОВОЙ ТЕХНИКИ»

9.00, 12.00, 19.30 «УЛЕТНЫЕ ЖИВОТНЫЕ» (16+)

9.30 Х/Ф «В ДВУХ ШАГАХ ОТ «РАЯ»

11.25, 13.00 «АНЕКДОТЫ» (16+)

12.30 «КАЛАМБУР» (16+)

13.30, 17.30 «С.У.П.» (16+)

14.30, 22.00 «ДОРОЖНЫЕ ВОЙНЫ» (16+)

15.30 «ЕСТЬ ТЕМА» (16+)

16.00 «ВНЕ ЗАКОНА» (16+)

18.00, 20.00 «АНЕКДОТЫ» (16+)

18.30 «ДЕНЬ» (16+)

21.00, 00.00 «СЧАСТЛИВЫЙ КОНЕЦ» (16+)

23.00 «УЛЕТНОЕ ВИДЕО»

23.30 «ГОЛЫЕ И СМЕШНЫЕ» (18+)

01.00 «УДАЧНАЯ НОЧЬ»

01.30 Х/Ф «В ДВУХ ШАГАХ ОТ «РАЯ»

03.20 Т/С «МОРСКАЯ ПОЛИЦИЯ 7» (16+)

04.10 НЕИЗВЕСТНАЯ ПЛАНЕТА

05.20 САМОЕ СМЕШНОЕ ВИДЕО

05.50 «АНЕКДОТЫ» (16+)

41 Домашний

4.15 ГОРОДСКОЕ ПУТЕШЕСТВИЕ

5.15 ЗВЁЗДНАЯ ЖИЗНЬ

6.00 ТАКАЯ КРАСИВАЯ ЛЮБОВЬ (16+)

6.30 ОДНА ЗА ВСЕХ

7.00 ПОЛЕЗНЫЙ ВЕЧЕР

7.30 ТАЙНЫ ТЕЛА

8.00 ПОЛЕЗНОЕ УТРО

8.30 Т/С «ТАНЕЦ НАШЕЙ ЛЮБВИ» (16+)

9.25 ВКУСЫ МИРА

9.40 МЕЛОДРАМА «УСАДЬБА» (12+)

17.00 ГАРДЕРОБ НАВЫЛЕТ

18.00 ЖЁНЫ ОЛИГАРХОВ (16+)

19.00 ГЛАВНЫЕ НОВОСТИ

19.35 ПОЛЕЗНЫЙ ВЕЧЕР

20.05 Т/С «ОСТРОВ НЕНУЖНЫХ ЛЮДЕЙ» (16+)

22.00 КРАСОТА БЕЗ ЖЕРТВ

23.00 НОВОСТИ 41

23.30 Х/Ф «СОБАЧИЙ ПИР» (16+)

01.35 ЗВЁЗДНАЯ ЖИЗНЬ

02.35 Т/С «ПРОРОК» (16+)

★ Звезда

6.00, 13.15 Д/С «ОТЕЧЕСТВЕННОЕ СТРЕЛКОВОЕ ОРУЖИЕ»

6.55 Т/С «МОРСКОЙ ПАТРУЛЬ» (16+)

9.00, 13.00, 16.00 НОВОСТИ

9.35 Х/Ф «ЮНОСТЬ ПЕТРА»

10.55 Т/С «НА УГЛУ, У ПАТРИАРШИХ - 3» (16+)

14.25 «ОРУЖИЕ XX ВЕКА»

15.00, 16.15 Т/С «МОРСКОЙ ПАТРУЛЬ» (16+)

17.25 Д/С «НЕВИДИМЫЙ ФРОНТ»

18.00, 22.00 НОВОСТИ

18.30 Д/С «ВОЙНА В ЛЕСАХ»

19.30 Д/С «БИТВА ИМПЕРИЙ»

19.55 Т/С «НА УГЛУ, У ПАТРИАРШИХ - 4» (16+)

22.30 Х/Ф «К РАССЛЕДОВАНИЮ ПРИСТУПИТЬ»

23.50, 04.10 Т/С «ОПЛАЧЕНО СМЕРТЬЮ» (16+)

01.40 Х/Ф «ВАНЯ»

03.25 Д/Ф «ЛИНКОР. ТАЙНА ГИБЕЛИ»

ОТВ

6.00, 10.30, 22.30, 04.20 ПАТРУЛЬНЫЙ УЧАСТОК

6.30 «УТРОТВ»

9.00, 10.00, 11.00, 12.00, 13.00, 14.00, 15.00, 16.00, 17.00 «СОБЫТИЯ. КАЖДЫЙ ЧАС»

9.10 «СЕКРЕТЫ СТРОЙНОСТИ»

9.30 «КОМУ ОТЛИЧНЫЙ РЕМОНТ?!»

10.05 ЮВЕЛИРНАЯ ПРОГРАММА

10.50 «ГОРНЫЕ ВЕСТИ»

11.10 Т/С «АВРОРА» (16+)

12.10 «ЧТО ДЕЛАТЬ?»

12.40 «DEFACTO»

13.05 В МИРЕ ДОМАШНИХ ЖИВОТНЫХ

13.30 РАБОТАТЬ КАК ЗВЕРИ

14.10 Т/С «МЫСЛИТЬ КАК ПРЕСТУПНИК» (16+)

15.10 Х/Ф «КАЖДЫЙ ХОЧЕТ ЛЮБИТЬ» (16+)

16.05 Х/Ф «КАЖДЫЙ ХОЧЕТ ЛЮБИТЬ». ПРОДОЛЖЕНИЕ (16+)

17.05 Т/С «АВРОРА» (16+)

18.00 «ВСЕ О ЖКХ» (16+)

18.30, 00.40 «СОБЫТИЯ УРФО»

19.00 БАСКЕТБОЛ. ЕВРОЛИГА. «УГМК» - «МОНДЕВИЛЬ»

21.00, 03.40 СОБЫТИЯ. ИТОГИ

21.30, 02.30, 05.00 НОВОСТИ ТАУ

22.50 «СОБЫТИЯ. ИТОГИ»

23.30 «ЧЕТЫРЕ ВЕЧЕРА С В. ВЫСОЦКИМ» (16+)

01.10 ЮВЕЛИРНАЯ ПРОГРАММА

01.30 ПАРЛАМЕНТСКОЕ ВРЕМЯ

04.40 «DEFACTO»

ТВ3

6.00 МУЛЬТФИЛЬМЫ

8.10 Т/С «КОСТИ»

10.00 ПАРАЛЛЕЛЬНЫЙ МИР

11.00, 18.00, 22.45 Х-ВЕРСИИ

11.30, 18.30 Д/С «ОХОТНИКИ ЗА ПРИВИДЕНИЯМИ»

12.30 ГОРОДСКИЕ ЛЕГЕНДЫ

13.00 Т/С «МОЛОДОЙ ВОЛКОДАВ» (16+)

14.00 «ЗАГАДКИ ИСТОРИИ»

15.00 МИСТИЧЕСКИЕ ИСТОРИИ

16.00 Д/С «ГАДАЛКА»

17.00 ПАРАЛЛЕЛЬНЫЙ МИР

19.00 Т/С «КОСТИ»

20.45 МИСТИЧЕСКИЕ ИСТОРИИ

21.45 «ЗАГАДКИ ИСТОРИИ»

23.15 Х/Ф «КРОКОДИЛ - 2. СПИСОК ЖЕРТВ» (16+)

01.00 Х/Ф «КРОКОДИЛ» (16+)

03.00 Х/Ф «ПРИКОЛИСТЫ» (16+)

За информацию, предоставленную телеканалами, редакция ответственности не несет. В телепрограмме возможны изменения.
